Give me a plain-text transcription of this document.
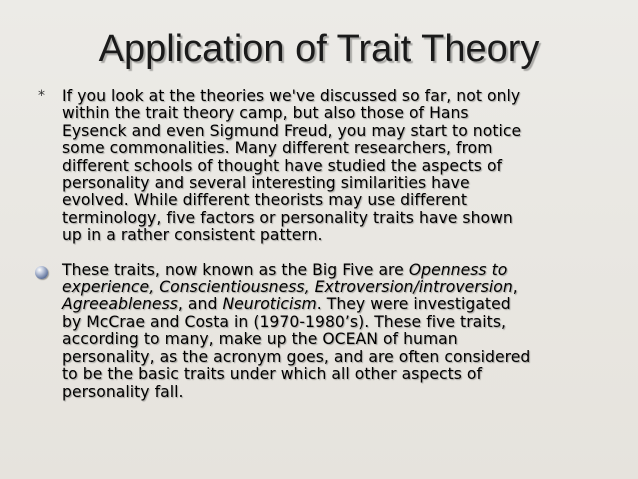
Application of Trait Theory
* If you look at the theories we've discussed so far, not only
within the trait theory camp, but also those of Hans
Eysenck and even Sigmund Freud, you may start to notice
some commonalities. Many different researchers, from
different schools of thought have studied the aspects of
personality and several interesting similarities have
evolved. While different theorists may use different
terminology, five factors or personality traits have shown
up in a rather consistent pattern.
These traits, now known as the Big Five are Openness to
experience, Conscientiousness, Extroversion/introversion,
Agreeableness, and Neuroticism. They were investigated
by McCrae and Costa in (1970-1980’s). These five traits,
according to many, make up the OCEAN of human
personality, as the acronym goes, and are often considered
to be the basic traits under which all other aspects of
personality fall.
